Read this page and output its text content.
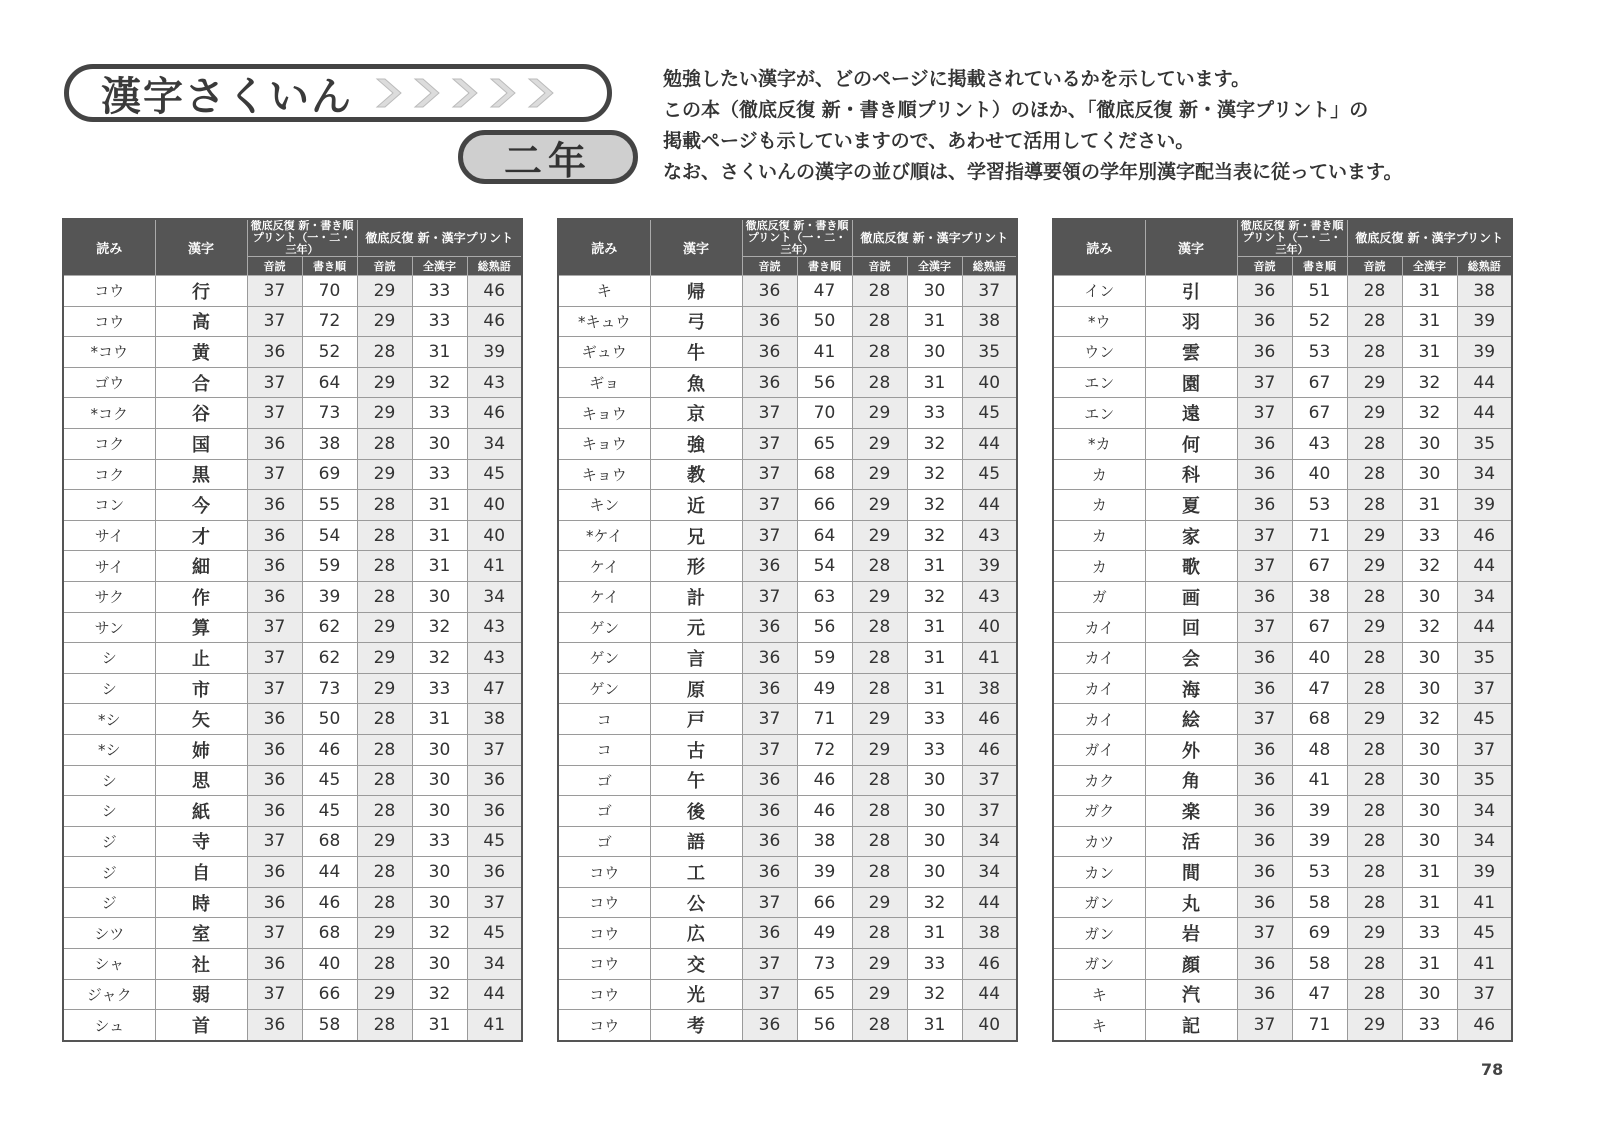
漢字さくいん
二年
勉強したい漢字が、どのページに掲載されているかを示しています。
この本（徹底反復 新・書き順プリント）のほか、「徹底反復 新・漢字プリント」の
掲載ページも示していますので、あわせて活用してください。
なお、さくいんの漢字の並び順は、学習指導要領の学年別漢字配当表に従っています。
読み	漢字	徹底反復 新・書き順プリント（一・二・三年）		徹底反復 新・漢字プリント		
		音読	書き順	音読	全漢字	総熟語
コウ	行	37	70	29	33	46
コウ	高	37	72	29	33	46
*コウ	黄	36	52	28	31	39
ゴウ	合	37	64	29	32	43
*コク	谷	37	73	29	33	46
コク	国	36	38	28	30	34
コク	黒	37	69	29	33	45
コン	今	36	55	28	31	40
サイ	才	36	54	28	31	40
サイ	細	36	59	28	31	41
サク	作	36	39	28	30	34
サン	算	37	62	29	32	43
シ	止	37	62	29	32	43
シ	市	37	73	29	33	47
*シ	矢	36	50	28	31	38
*シ	姉	36	46	28	30	37
シ	思	36	45	28	30	36
シ	紙	36	45	28	30	36
ジ	寺	37	68	29	33	45
ジ	自	36	44	28	30	36
ジ	時	36	46	28	30	37
シツ	室	37	68	29	32	45
シャ	社	36	40	28	30	34
ジャク	弱	37	66	29	32	44
シュ	首	36	58	28	31	41
読み	漢字	徹底反復 新・書き順プリント（一・二・三年）		徹底反復 新・漢字プリント		
		音読	書き順	音読	全漢字	総熟語
キ	帰	36	47	28	30	37
*キュウ	弓	36	50	28	31	38
ギュウ	牛	36	41	28	30	35
ギョ	魚	36	56	28	31	40
キョウ	京	37	70	29	33	45
キョウ	強	37	65	29	32	44
キョウ	教	37	68	29	32	45
キン	近	37	66	29	32	44
*ケイ	兄	37	64	29	32	43
ケイ	形	36	54	28	31	39
ケイ	計	37	63	29	32	43
ゲン	元	36	56	28	31	40
ゲン	言	36	59	28	31	41
ゲン	原	36	49	28	31	38
コ	戸	37	71	29	33	46
コ	古	37	72	29	33	46
ゴ	午	36	46	28	30	37
ゴ	後	36	46	28	30	37
ゴ	語	36	38	28	30	34
コウ	工	36	39	28	30	34
コウ	公	37	66	29	32	44
コウ	広	36	49	28	31	38
コウ	交	37	73	29	33	46
コウ	光	37	65	29	32	44
コウ	考	36	56	28	31	40
読み	漢字	徹底反復 新・書き順プリント（一・二・三年）		徹底反復 新・漢字プリント		
		音読	書き順	音読	全漢字	総熟語
イン	引	36	51	28	31	38
*ウ	羽	36	52	28	31	39
ウン	雲	36	53	28	31	39
エン	園	37	67	29	32	44
エン	遠	37	67	29	32	44
*カ	何	36	43	28	30	35
カ	科	36	40	28	30	34
カ	夏	36	53	28	31	39
カ	家	37	71	29	33	46
カ	歌	37	67	29	32	44
ガ	画	36	38	28	30	34
カイ	回	37	67	29	32	44
カイ	会	36	40	28	30	35
カイ	海	36	47	28	30	37
カイ	絵	37	68	29	32	45
ガイ	外	36	48	28	30	37
カク	角	36	41	28	30	35
ガク	楽	36	39	28	30	34
カツ	活	36	39	28	30	34
カン	間	36	53	28	31	39
ガン	丸	36	58	28	31	41
ガン	岩	37	69	29	33	45
ガン	顔	36	58	28	31	41
キ	汽	36	47	28	30	37
キ	記	37	71	29	33	46
78
